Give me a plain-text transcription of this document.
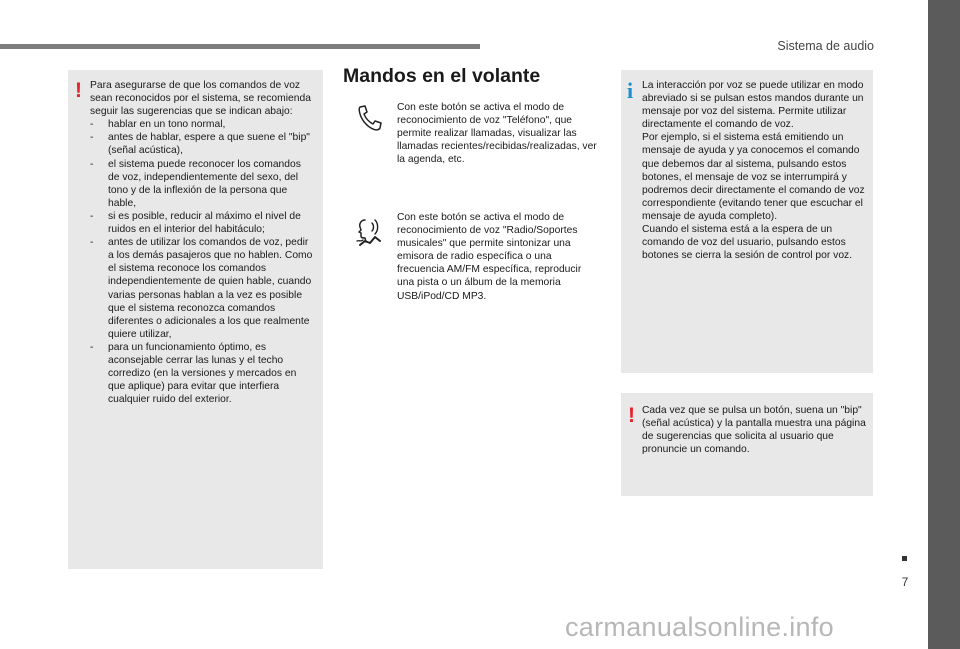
Sistema de audio
7
! Para asegurarse de que los comandos de voz sean reconocidos por el sistema, se recomienda seguir las sugerencias que se indican abajo:

-	hablar en un tono normal,
-	antes de hablar, espere a que suene el "bip" (señal acústica),
-	el sistema puede reconocer los comandos de voz, independientemente del sexo, del tono y de la inflexión de la persona que hable,
-	si es posible, reducir al máximo el nivel de ruidos en el interior del habitáculo;
-	antes de utilizar los comandos de voz, pedir a los demás pasajeros que no hablen. Como el sistema reconoce los comandos independientemente de quien hable, cuando varias personas hablan a la vez es posible que el sistema reconozca comandos diferentes o adicionales a los que realmente quiere utilizar,
-	para un funcionamiento óptimo, es aconsejable cerrar las lunas y el techo corredizo (en la versiones y mercados en que aplique) para evitar que interfiera cualquier ruido del exterior.
Mandos en el volante
Con este botón se activa el modo de reconocimiento de voz "Teléfono", que permite realizar llamadas, visualizar las llamadas recientes/recibidas/realizadas, ver la agenda, etc.
Con este botón se activa el modo de reconocimiento de voz "Radio/Soportes musicales" que permite sintonizar una emisora de radio específica o una frecuencia AM/FM específica, reproducir una pista o un álbum de la memoria USB/iPod/CD MP3.
i La interacción por voz se puede utilizar en modo abreviado si se pulsan estos mandos durante un mensaje por voz del sistema. Permite utilizar directamente el comando de voz.
Por ejemplo, si el sistema está emitiendo un mensaje de ayuda y ya conocemos el comando que debemos dar al sistema, pulsando estos botones, el mensaje de voz se interrumpirá y podremos decir directamente el comando de voz correspondiente (evitando tener que escuchar el mensaje de ayuda completo).
Cuando el sistema está a la espera de un comando de voz del usuario, pulsando estos botones se cierra la sesión de control por voz.
! Cada vez que se pulsa un botón, suena un "bip" (señal acústica) y la pantalla muestra una página de sugerencias que solicita al usuario que pronuncie un comando.
carmanualsonline.info
